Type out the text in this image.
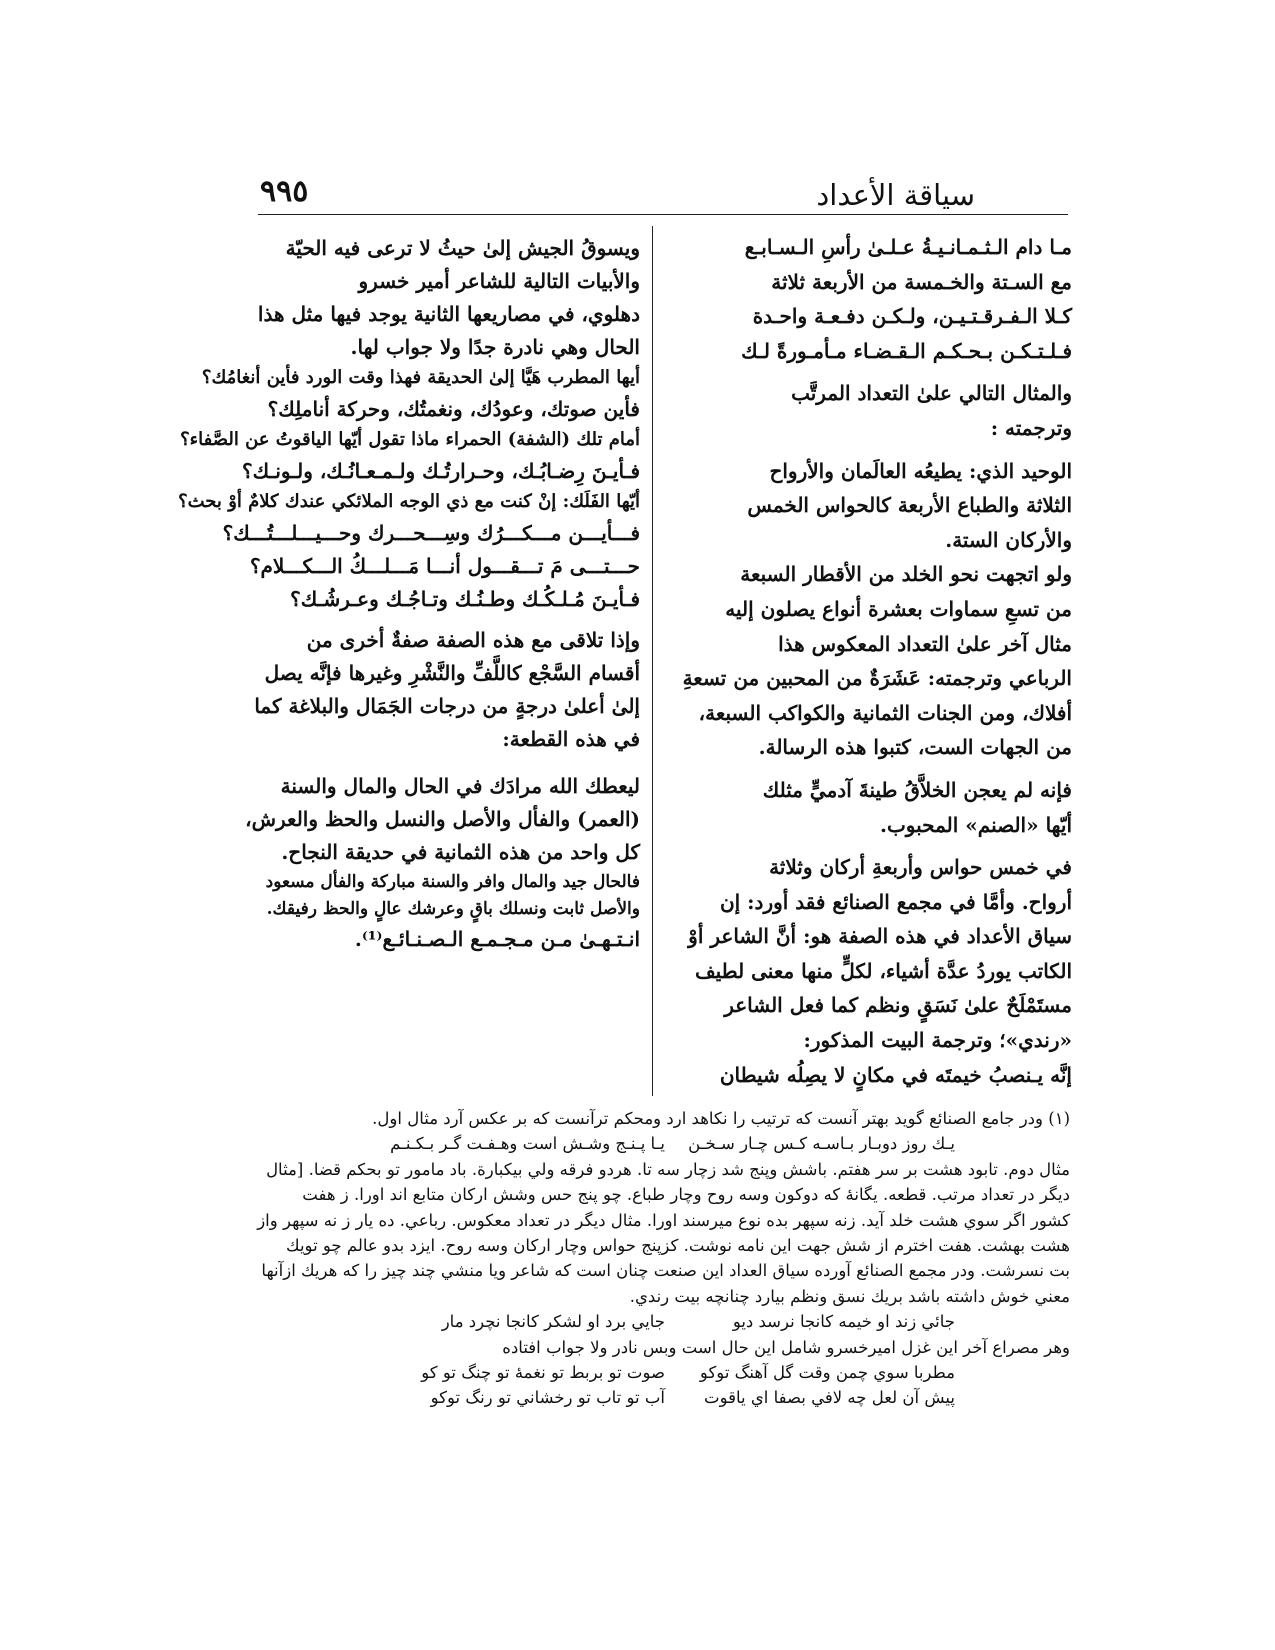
٩٩٥	سياقة الأعداد
مـا دام الـثـمـانـيـةُ عـلـىٰ رأسِ الـسـابـع
مع السـتة والخـمسة من الأربعة ثلاثة
كـلا الـفـرقـتـيـن، ولـكـن دفـعـة واحـدة
فـلـتـكـن بـحـكـم الـقـضـاء مـأمـورةً لـك
والمثال التالي علىٰ التعداد المرتَّب
وترجمته :
الوحيد الذي: يطيعُه العالَمان والأرواح
الثلاثة والطباع الأربعة كالحواس الخمس
والأركان الستة.
ولو اتجهت نحو الخلد من الأقطار السبعة
من تسعِ سماوات بعشرة أنواع يصلون إليه
مثال آخر علىٰ التعداد المعكوس هذا
الرباعي وترجمته: عَشَرَةٌ من المحبين من تسعةِ
أفلاك، ومن الجنات الثمانية والكواكب السبعة،
من الجهات الست، كتبوا هذه الرسالة.
فإنه لم يعجن الخلاَّقُ طينةَ آدميٍّ مثلك
أيّها «الصنم» المحبوب.
في خمس حواس وأربعةِ أركان وثلاثة
أرواح. وأمَّا في مجمع الصنائع فقد أورد: إن
سياق الأعداد في هذه الصفة هو: أنَّ الشاعر أوْ
الكاتب يوردُ عدَّة أشياء، لكلٍّ منها معنى لطيف
مستَمْلَحٌ علىٰ نَسَقٍ ونظم كما فعل الشاعر
«رندي»؛ وترجمة البيت المذكور:
إنَّه يـنصبُ خيمتَه في مكانٍ لا يصِلُه شيطان
ويسوقُ الجيش إلىٰ حيثُ لا ترعى فيه الحيّة
والأبيات التالية للشاعر أمير خسرو
دهلوي، في مصاريعها الثانية يوجد فيها مثل هذا
الحال وهي نادرة جدًا ولا جواب لها.
أيها المطرب هَيَّا إلىٰ الحديقة فهذا وقت الورد فأين أنغامُك؟
فأين صوتك، وعودُك، ونغمتُك، وحركة أناملِك؟
أمام تلك (الشفة) الحمراء ماذا تقول أيّها الياقوتُ عن الصَّفاء؟
فـأيـنَ رِضـابُـك، وحـرارتُـك ولـمـعـانُـك، ولـونـك؟
أيّها الفَلَك: إنْ كنت مع ذي الوجه الملائكي عندك كلامٌ أوْ بحث؟
فـــأيـــن مـــكـــرُك وسِـــحـــرك وحـــيـــلـــتُـــك؟
حـــتـــى مَ تـــقـــول أنـــا مَـــلـــكُ الـــكـــلام؟
فـأيـنَ مُـلـكُـك وطـنُـك وتـاجُـك وعـرشُـك؟
وإذا تلاقى مع هذه الصفة صفةٌ أخرى من
أقسام السَّجْع كاللَّفِّ والنَّشْرِ وغيرها فإنَّه يصل
إلىٰ أعلىٰ درجةٍ من درجات الجَمَال والبلاغة كما
في هذه القطعة:
ليعطك الله مرادَك في الحال والمال والسنة
(العمر) والفأل والأصل والنسل والحظ والعرش،
كل واحد من هذه الثمانية في حديقة النجاح.
فالحال جيد والمال وافر والسنة مباركة والفأل مسعود
والأصل ثابت ونسلك باقٍ وعرشك عالٍ والحظ رفيقك.
انـتـهـىٰ مـن مـجـمـع الـصـنـائـع⁽¹⁾.
(١) ودر جامع الصنائع گويد بهتر آنست كه ترتيب را نكاهد ارد ومحكم ترآنست كه بر عكس آرد مثال اول.
يـك روز دوبـار بـاسـه كـس چـار سـخـن
يـا پـنـج وشـش است وهـفـت گـر بـكـنـم
مثال دوم. تابود هشت بر سر هفتم. باشش وپنج شد زچار سه تا. هردو فرقه ولي بيكبارة. باد مامور تو بحكم قضا. [مثال
ديگر در تعداد مرتب. قطعه. يگانهٔ كه دوكون وسه روح وچار طباع. چو پنج حس وشش اركان متابع اند اورا. ز هفت
كشور اگر سوي هشت خلد آيد. زنه سپهر بده نوع ميرسند اورا. مثال ديگر در تعداد معكوس. رباعي. ده يار ز نه سپهر واز
هشت بهشت. هفت اخترم از شش جهت اين نامه نوشت. كزپنج حواس وچار اركان وسه روح. ايزد بدو عالم چو تويك
بت نسرشت. ودر مجمع الصنائع آورده سياق العداد اين صنعت چنان است كه شاعر ويا منشي چند چيز را كه هريك ازآنها
معني خوش داشته باشد بريك نسق ونظم بيارد چنانچه بيت رندي.
جائي زند او خيمه كانجا نرسد ديو
جايي برد او لشكر كانجا نچرد مار
وهر مصراع آخر اين غزل اميرخسرو شامل اين حال است وبس نادر ولا جواب افتاده
مطربا سوي چمن وقت گل آهنگ توكو
صوت تو بربط تو نغمهٔ تو چنگ تو كو
پيش آن لعل چه لافي بصفا اي ياقوت
آب تو تاب تو رخشاني تو رنگ توكو
